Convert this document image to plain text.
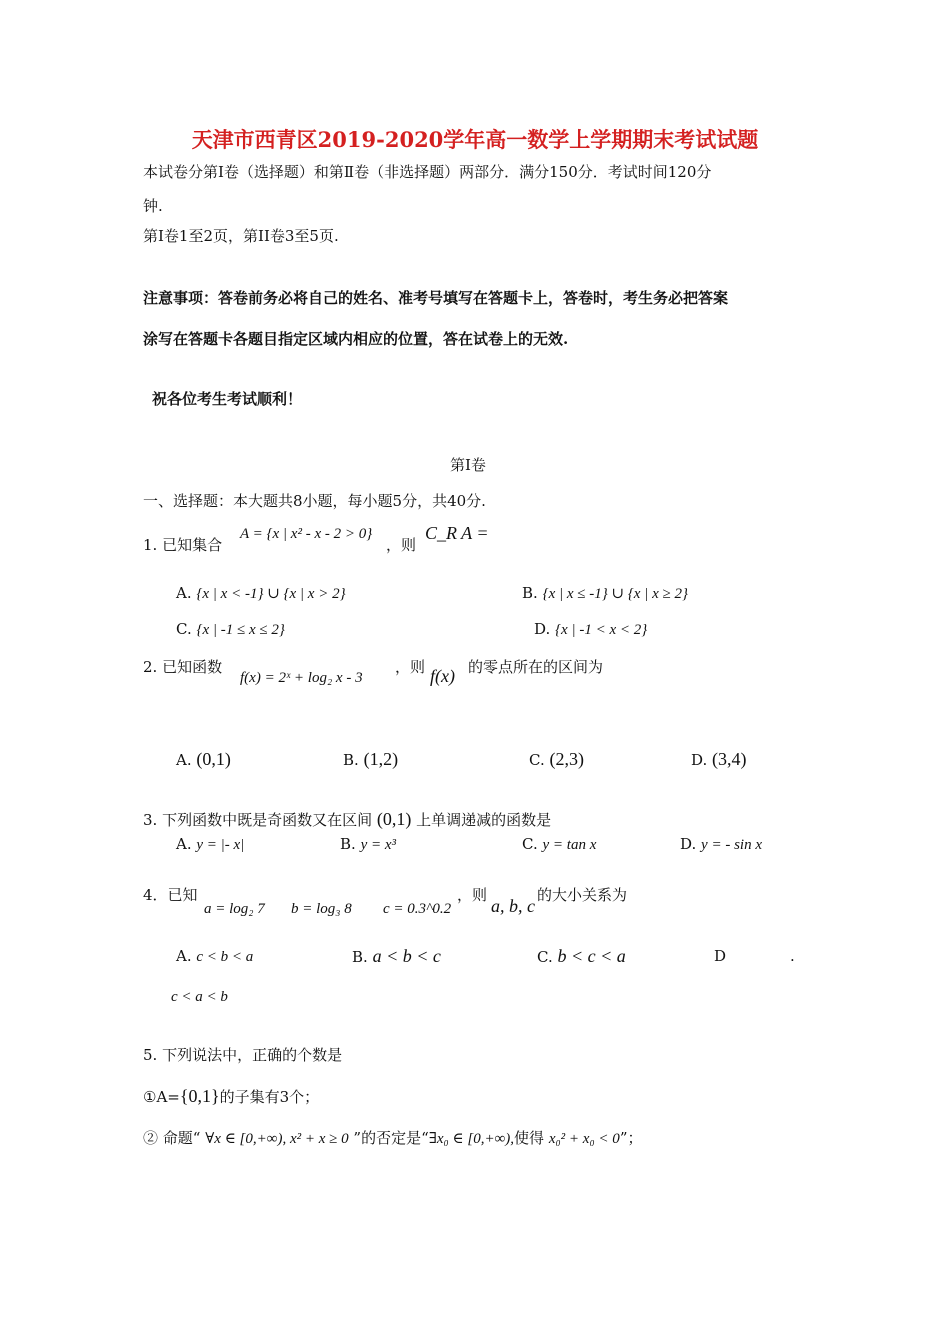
天津市西青区2019-2020学年高一数学上学期期末考试试题
本试卷分第Ⅰ卷（选择题）和第Ⅱ卷（非选择题）两部分．满分150分．考试时间120分
钟.
第Ⅰ卷1至2页，第II卷3至5页.
注意事项：答卷前务必将自己的姓名、准考号填写在答题卡上，答卷时，考生务必把答案
涂写在答题卡各题目指定区域内相应的位置，答在试卷上的无效.
祝各位考生考试顺利！
第Ⅰ卷
一、选择题：本大题共8小题，每小题5分，共40分.
1. 已知集合
A = {x | x² - x - 2 > 0}
，则
C_R A =
A. {x | x < -1} ∪ {x | x > 2}	B. {x | x ≤ -1} ∪ {x | x ≥ 2}
C. {x | -1 ≤ x ≤ 2}	D. {x | -1 < x < 2}
2. 已知函数
f(x) = 2ˣ + log₂ x - 3
，则 f(x) 的零点所在的区间为
A. (0,1)	B. (1,2)	C. (2,3)	D. (3,4)
3. 下列函数中既是奇函数又在区间 (0,1) 上单调递减的函数是
A. y = |- x|	B. y = x³	C. y = tan x	D. y = - sin x
4．已知
a = log₂ 7 b = log₃ 8 c = 0.3^0.2
，则
a, b, c
的大小关系为
A. c < b < a	B. a < b < c	C. b < c < a	D	.
c < a < b
5. 下列说法中，正确的个数是
①A={0,1}的子集有3个；
② 命题“ ∀x ∈ [0,+∞), x² + x ≥ 0 ”的否定是“∃x₀ ∈ [0,+∞),使得 x₀² + x₀ < 0”；
